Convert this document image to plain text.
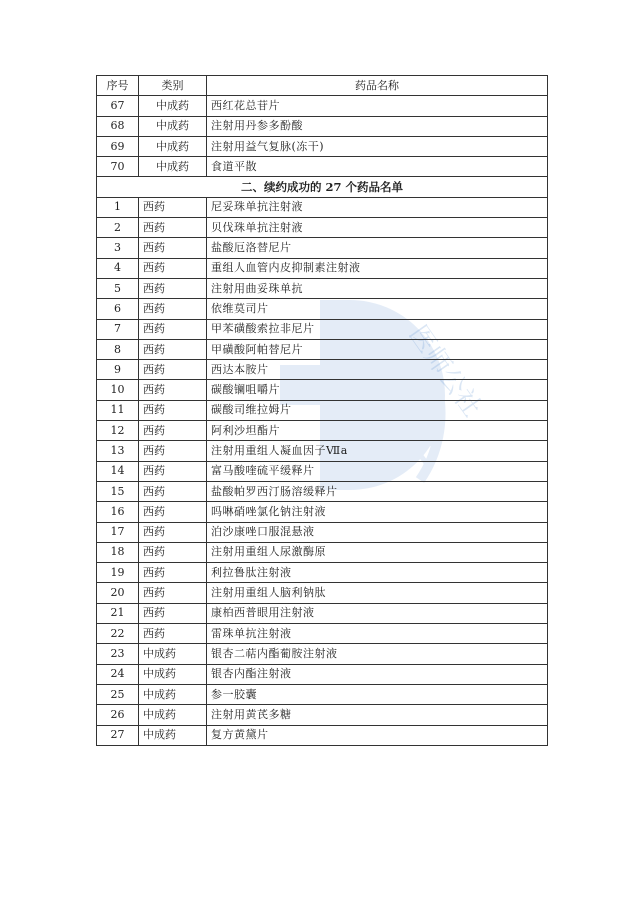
医师公社
序号	类别	药品名称
67	中成药	西红花总苷片
68	中成药	注射用丹参多酚酸
69	中成药	注射用益气复脉(冻干)
70	中成药	食道平散
二、续约成功的 27 个药品名单		
1	西药	尼妥珠单抗注射液
2	西药	贝伐珠单抗注射液
3	西药	盐酸厄洛替尼片
4	西药	重组人血管内皮抑制素注射液
5	西药	注射用曲妥珠单抗
6	西药	依维莫司片
7	西药	甲苯磺酸索拉非尼片
8	西药	甲磺酸阿帕替尼片
9	西药	西达本胺片
10	西药	碳酸镧咀嚼片
11	西药	碳酸司维拉姆片
12	西药	阿利沙坦酯片
13	西药	注射用重组人凝血因子Ⅶa
14	西药	富马酸喹硫平缓释片
15	西药	盐酸帕罗西汀肠溶缓释片
16	西药	吗啉硝唑氯化钠注射液
17	西药	泊沙康唑口服混悬液
18	西药	注射用重组人尿激酶原
19	西药	利拉鲁肽注射液
20	西药	注射用重组人脑利钠肽
21	西药	康柏西普眼用注射液
22	西药	雷珠单抗注射液
23	中成药	银杏二萜内酯葡胺注射液
24	中成药	银杏内酯注射液
25	中成药	参一胶囊
26	中成药	注射用黄芪多糖
27	中成药	复方黄黛片
